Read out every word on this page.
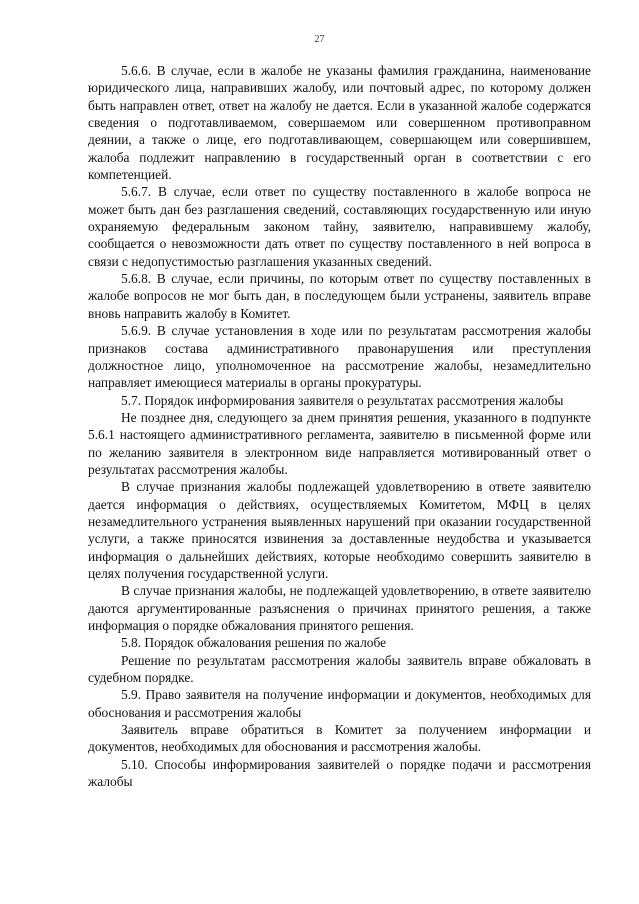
27

5.6.6. В случае, если в жалобе не указаны фамилия гражданина, наименование юридического лица, направивших жалобу, или почтовый адрес, по которому должен быть направлен ответ, ответ на жалобу не дается. Если в указанной жалобе содержатся сведения о подготавливаемом, совершаемом или совершенном противоправном деянии, а также о лице, его подготавливающем, совершающем или совершившем, жалоба подлежит направлению в государственный орган в соответствии с его компетенцией.

5.6.7. В случае, если ответ по существу поставленного в жалобе вопроса не может быть дан без разглашения сведений, составляющих государственную или иную охраняемую федеральным законом тайну, заявителю, направившему жалобу, сообщается о невозможности дать ответ по существу поставленного в ней вопроса в связи с недопустимостью разглашения указанных сведений.

5.6.8. В случае, если причины, по которым ответ по существу поставленных в жалобе вопросов не мог быть дан, в последующем были устранены, заявитель вправе вновь направить жалобу в Комитет.

5.6.9. В случае установления в ходе или по результатам рассмотрения жалобы признаков состава административного правонарушения или преступления должностное лицо, уполномоченное на рассмотрение жалобы, незамедлительно направляет имеющиеся материалы в органы прокуратуры.

5.7. Порядок информирования заявителя о результатах рассмотрения жалобы

Не позднее дня, следующего за днем принятия решения, указанного в подпункте 5.6.1 настоящего административного регламента, заявителю в письменной форме или по желанию заявителя в электронном виде направляется мотивированный ответ о результатах рассмотрения жалобы.

В случае признания жалобы подлежащей удовлетворению в ответе заявителю дается информация о действиях, осуществляемых Комитетом, МФЦ в целях незамедлительного устранения выявленных нарушений при оказании государственной услуги, а также приносятся извинения за доставленные неудобства и указывается информация о дальнейших действиях, которые необходимо совершить заявителю в целях получения государственной услуги.

В случае признания жалобы, не подлежащей удовлетворению, в ответе заявителю даются аргументированные разъяснения о причинах принятого решения, а также информация о порядке обжалования принятого решения.

5.8. Порядок обжалования решения по жалобе

Решение по результатам рассмотрения жалобы заявитель вправе обжаловать в судебном порядке.

5.9. Право заявителя на получение информации и документов, необходимых для обоснования и рассмотрения жалобы

Заявитель вправе обратиться в Комитет за получением информации и документов, необходимых для обоснования и рассмотрения жалобы.

5.10. Способы информирования заявителей о порядке подачи и рассмотрения жалобы
